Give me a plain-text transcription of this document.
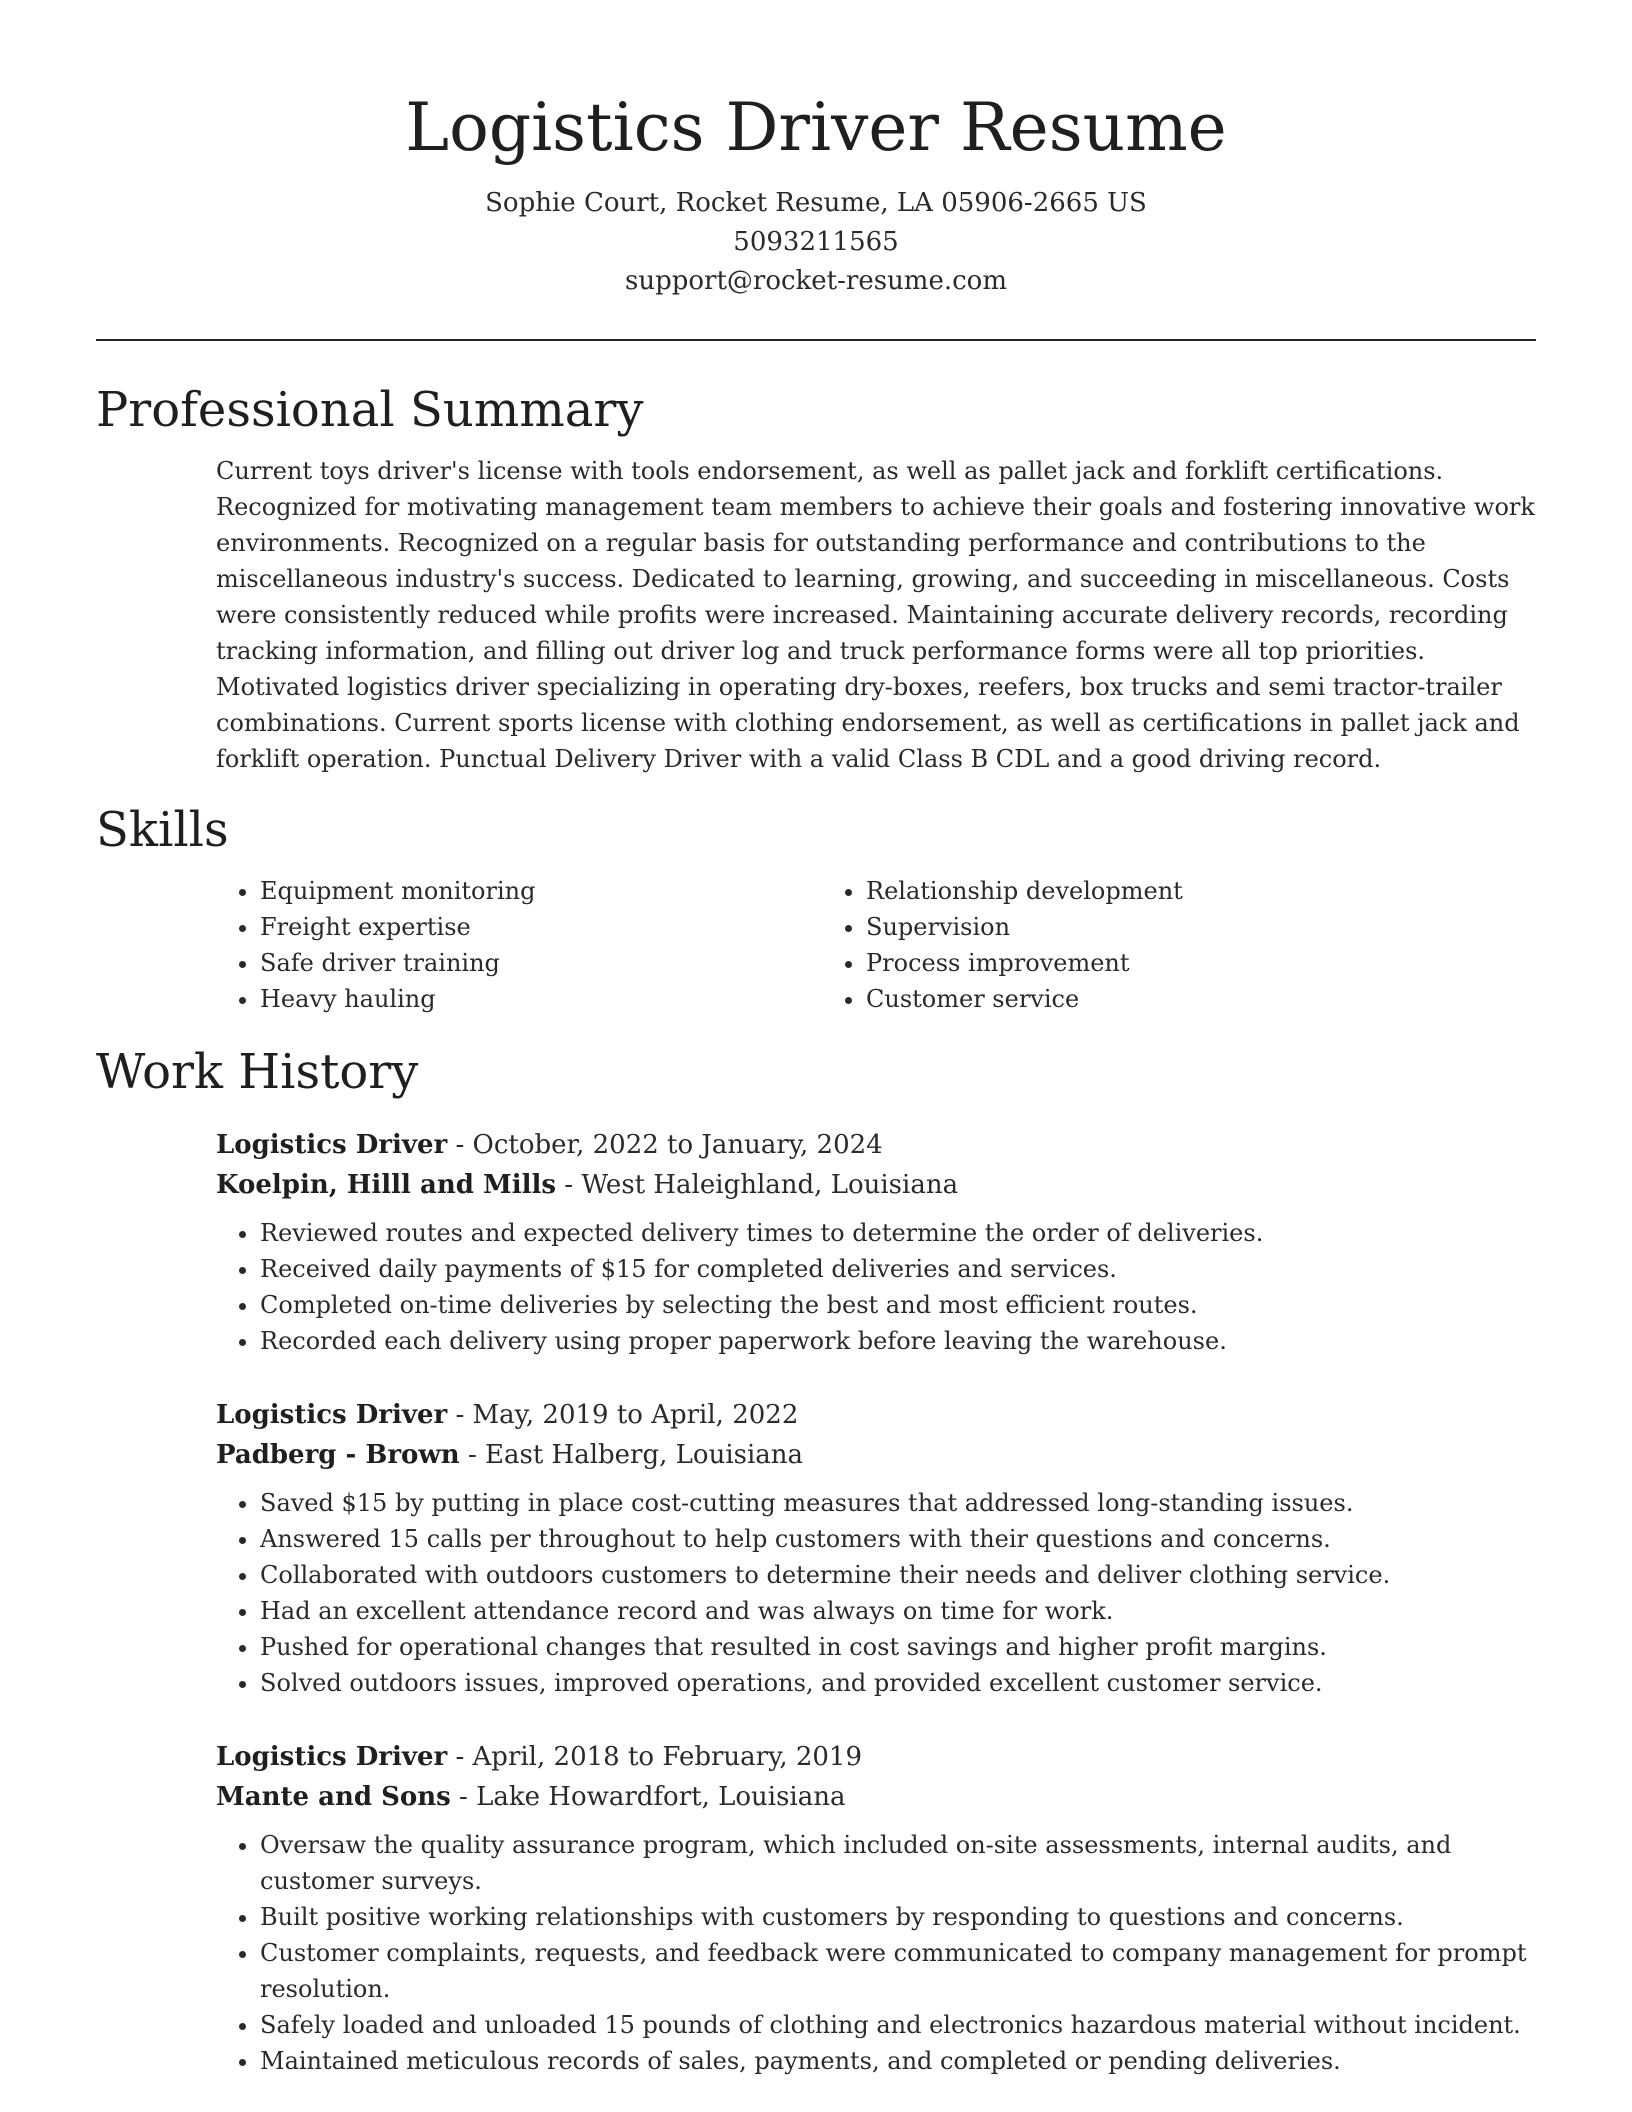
Logistics Driver Resume

Sophie Court, Rocket Resume, LA 05906-2665 US

5093211565

support@rocket-resume.com

Professional Summary

Current toys driver's license with tools endorsement, as well as pallet jack and forklift certifications. Recognized for motivating management team members to achieve their goals and fostering innovative work environments. Recognized on a regular basis for outstanding performance and contributions to the miscellaneous industry's success. Dedicated to learning, growing, and succeeding in miscellaneous. Costs were consistently reduced while profits were increased. Maintaining accurate delivery records, recording tracking information, and filling out driver log and truck performance forms were all top priorities. Motivated logistics driver specializing in operating dry-boxes, reefers, box trucks and semi tractor-trailer combinations. Current sports license with clothing endorsement, as well as certifications in pallet jack and forklift operation. Punctual Delivery Driver with a valid Class B CDL and a good driving record.

Skills
• Equipment monitoring
• Freight expertise
• Safe driver training
• Heavy hauling
• Relationship development
• Supervision
• Process improvement
• Customer service
Work History

Logistics Driver - October, 2022 to January, 2024

Koelpin, Hilll and Mills - West Haleighland, Louisiana

• Reviewed routes and expected delivery times to determine the order of deliveries.
• Received daily payments of $15 for completed deliveries and services.
• Completed on-time deliveries by selecting the best and most efficient routes.
• Recorded each delivery using proper paperwork before leaving the warehouse.

Logistics Driver - May, 2019 to April, 2022

Padberg - Brown - East Halberg, Louisiana

• Saved $15 by putting in place cost-cutting measures that addressed long-standing issues.
• Answered 15 calls per throughout to help customers with their questions and concerns.
• Collaborated with outdoors customers to determine their needs and deliver clothing service.
• Had an excellent attendance record and was always on time for work.
• Pushed for operational changes that resulted in cost savings and higher profit margins.
• Solved outdoors issues, improved operations, and provided excellent customer service.

Logistics Driver - April, 2018 to February, 2019

Mante and Sons - Lake Howardfort, Louisiana

• Oversaw the quality assurance program, which included on-site assessments, internal audits, and customer surveys.
• Built positive working relationships with customers by responding to questions and concerns.
• Customer complaints, requests, and feedback were communicated to company management for prompt resolution.
• Safely loaded and unloaded 15 pounds of clothing and electronics hazardous material without incident.
• Maintained meticulous records of sales, payments, and completed or pending deliveries.
